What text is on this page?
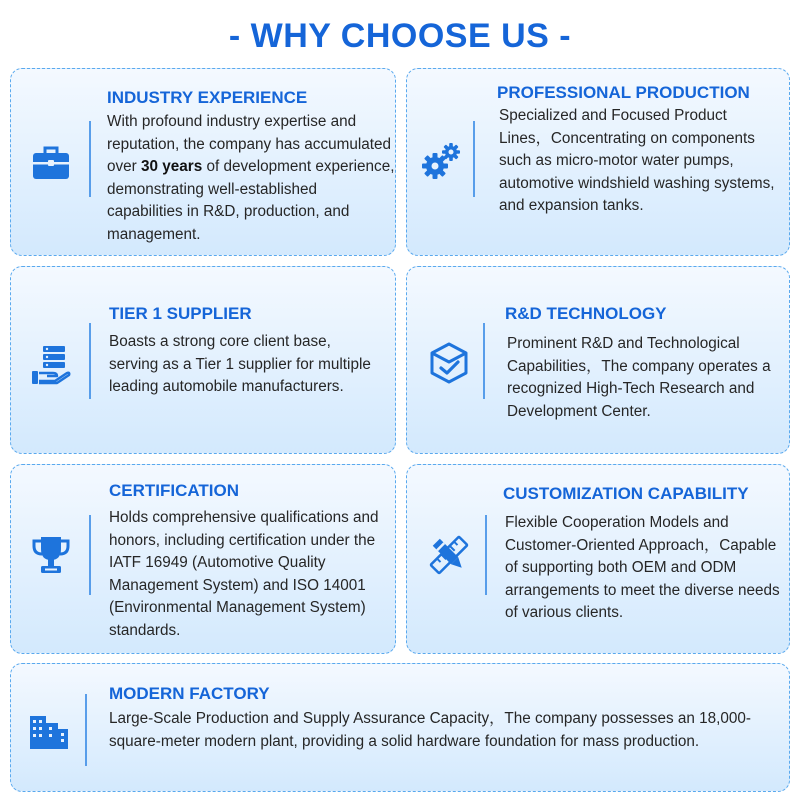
- WHY CHOOSE US -
INDUSTRY EXPERIENCE
With profound industry expertise and reputation, the company has accumulated over 30 years of development experience, demonstrating well-established capabilities in R&D, production, and management.
PROFESSIONAL PRODUCTION
Specialized and Focused Product Lines，Concentrating on components such as micro-motor water pumps, automotive windshield washing systems, and expansion tanks.
TIER 1 SUPPLIER
Boasts a strong core client base, serving as a Tier 1 supplier for multiple leading automobile manufacturers.
R&D TECHNOLOGY
Prominent R&D and Technological Capabilities，The company operates a recognized High-Tech Research and Development Center.
CERTIFICATION
Holds comprehensive qualifications and honors, including certification under the IATF 16949 (Automotive Quality Management System) and ISO 14001 (Environmental Management System) standards.
CUSTOMIZATION CAPABILITY
Flexible Cooperation Models and Customer-Oriented Approach，Capable of supporting both OEM and ODM arrangements to meet the diverse needs of various clients.
MODERN FACTORY
Large-Scale Production and Supply Assurance Capacity，The company possesses an 18,000-square-meter modern plant, providing a solid hardware foundation for mass production.
